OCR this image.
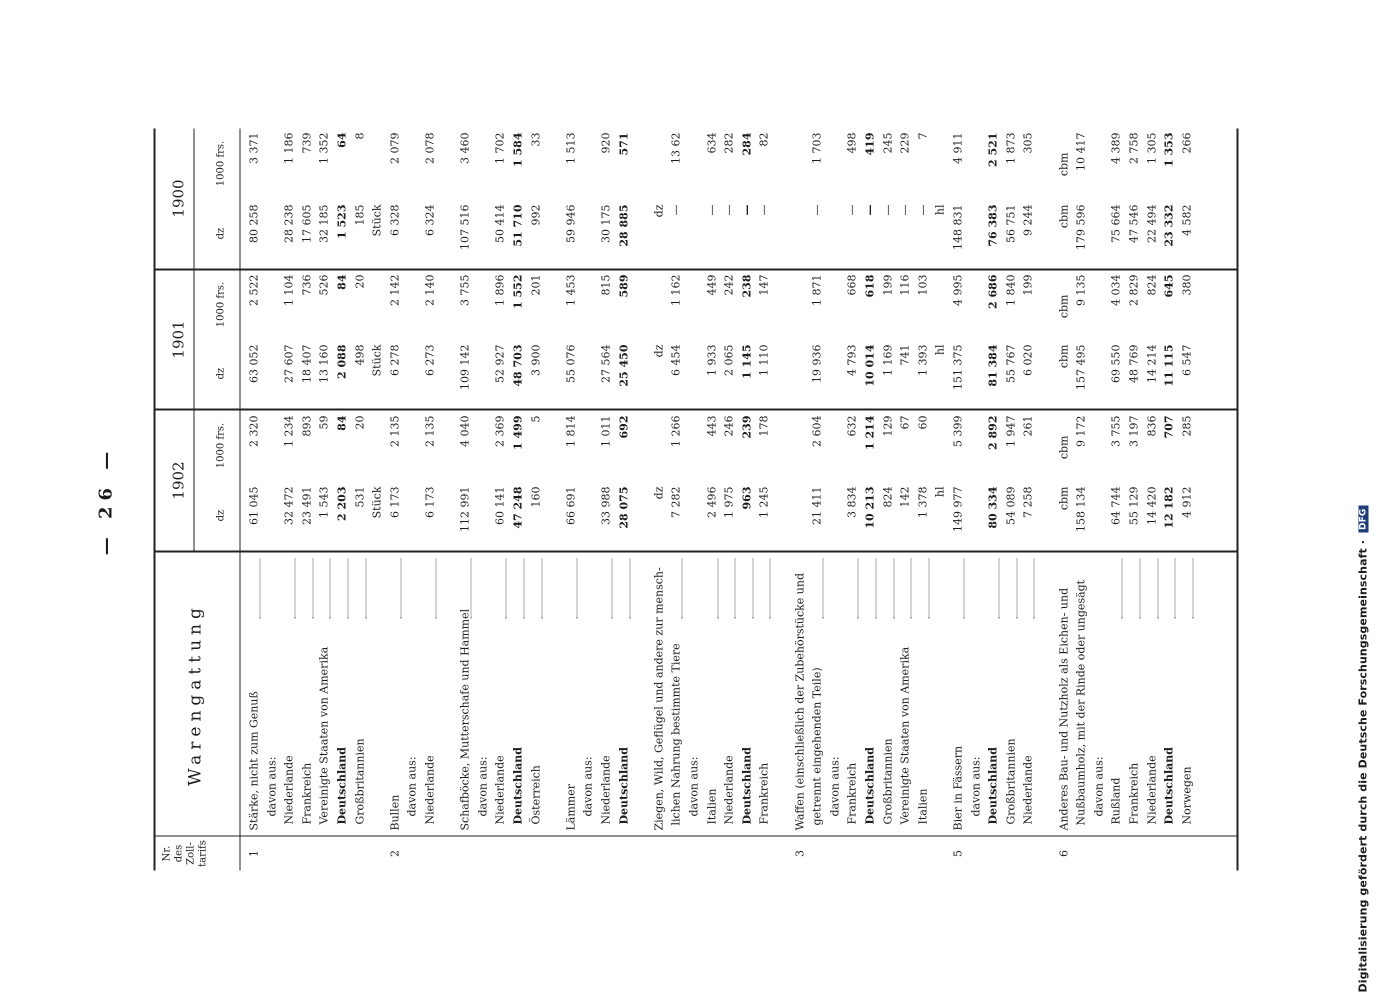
— 26 —
Nr. des Zoll- tarifs
Warengattung
1902
1901
1900
dz
1000 frs.
dz
1000 frs.
dz
1000 frs.
1
Stärke, nicht zum Genuß
61 045
63 052
80 258
2 320
2 522
3 371
davon aus: Niederlande
32 472
27 607
28 238
1 234
1 104
1 186
Frankreich
23 491
18 407
17 605
893
736
739
Vereinigte Staaten von Amerika
1 543
13 160
32 185
59
526
1 352
Deutschland
2 203
2 088
1 523
84
84
64
Großbritannien
531
498
185
20
20
8
Stück
Stück
Stück
2
Bullen
6 173
6 278
6 328
2 135
2 142
2 079
davon aus: Niederlande
6 173
6 273
6 324
2 135
2 140
2 078
Schafböcke, Mutterschafe und Hammel
112 991
109 142
107 516
4 040
3 755
3 460
davon aus: Niederlande
60 141
52 927
50 414
2 369
1 896
1 702
Deutschland
47 248
48 703
51 710
1 499
1 552
1 584
Österreich
160
3 900
992
5
201
33
Lämmer
66 691
55 076
59 946
1 814
1 453
1 513
davon aus: Niederlande
33 988
27 564
30 175
1 011
815
920
Deutschland
28 075
25 450
28 885
692
589
571
Ziegen, Wild, Geflügel und andere zur mensch-
dz
dz
dz
lichen Nahrung bestimmte Tiere
7 282
6 454
—
1 266
1 162
13 62
davon aus: Italien
2 496
1 933
—
443
449
634
Niederlande
1 975
2 065
—
246
242
282
Deutschland
963
1 145
—
239
238
284
Frankreich
1 245
1 110
—
178
147
82
3
Waffen (einschließlich der Zubehörstücke und getrennt eingehenden Teile)
21 411
19 936
—
2 604
1 871
1 703
davon aus: Frankreich
3 834
4 793
—
632
668
498
Deutschland
10 213
10 014
—
1 214
618
419
Großbritannien
824
1 169
—
129
199
245
Vereinigte Staaten von Amerika
142
741
—
67
116
229
Italien
1 378
1 393
—
60
103
7
hl
hl
hl
5
Bier in Fässern
149 977
151 375
148 831
5 399
4 995
4 911
davon aus: Deutschland
80 334
81 384
76 383
2 892
2 686
2 521
Großbritannien
54 089
55 767
56 751
1 947
1 840
1 873
Niederlande
7 258
6 020
9 244
261
199
305
6
Anderes Bau- und Nutzholz als Eichen- und
cbm
cbm
cbm
cbm
cbm
cbm
Nußbaumholz, mit der Rinde oder ungesägt
158 134
157 495
179 596
9 172
9 135
10 417
davon aus: Rußland
64 744
69 550
75 664
3 755
4 034
4 389
Frankreich
55 129
48 769
47 546
3 197
2 829
2 758
Niederlande
14 420
14 214
22 494
836
824
1 305
Deutschland
12 182
11 115
23 332
707
645
1 353
Norwegen
4 912
6 547
4 582
285
380
266
Digitalisierung gefördert durch die Deutsche Forschungsgemeinschaft · DFG
